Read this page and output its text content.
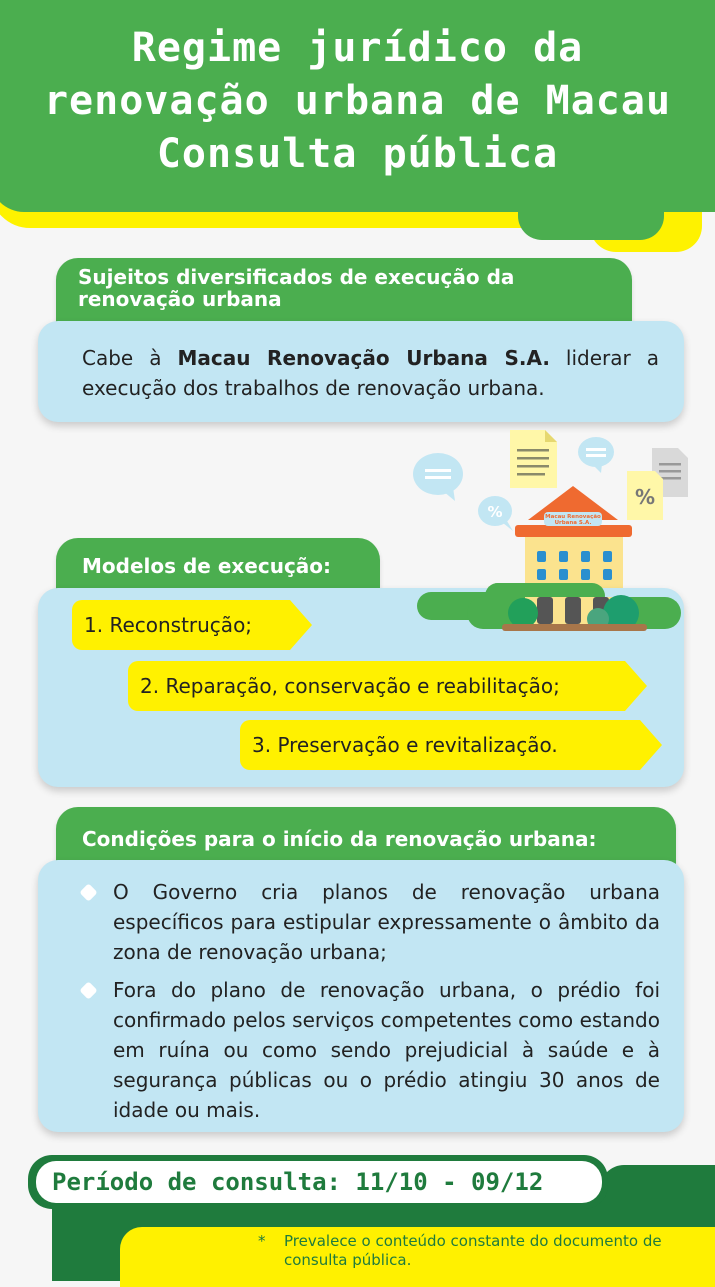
Regime jurídico da
renovação urbana de Macau
Consulta pública
Sujeitos diversificados de execução da renovação urbana
Cabe à Macau Renovação Urbana S.A. liderar a execução dos trabalhos de renovação urbana.
%
%
Macau Renovação
Urbana S.A.
Modelos de execução:
1. Reconstrução;
2. Reparação, conservação e reabilitação;
3. Preservação e revitalização.
Condições para o início da renovação urbana:
O Governo cria planos de renovação urbana específicos para estipular expressamente o âmbito da zona de renovação urbana;
Fora do plano de renovação urbana, o prédio foi confirmado pelos serviços competentes como estando em ruína ou como sendo prejudicial à saúde e à segurança públicas ou o prédio atingiu 30 anos de idade ou mais.
Período de consulta: 11/10 - 09/12
* Prevalece o conteúdo constante do documento de consulta pública.
